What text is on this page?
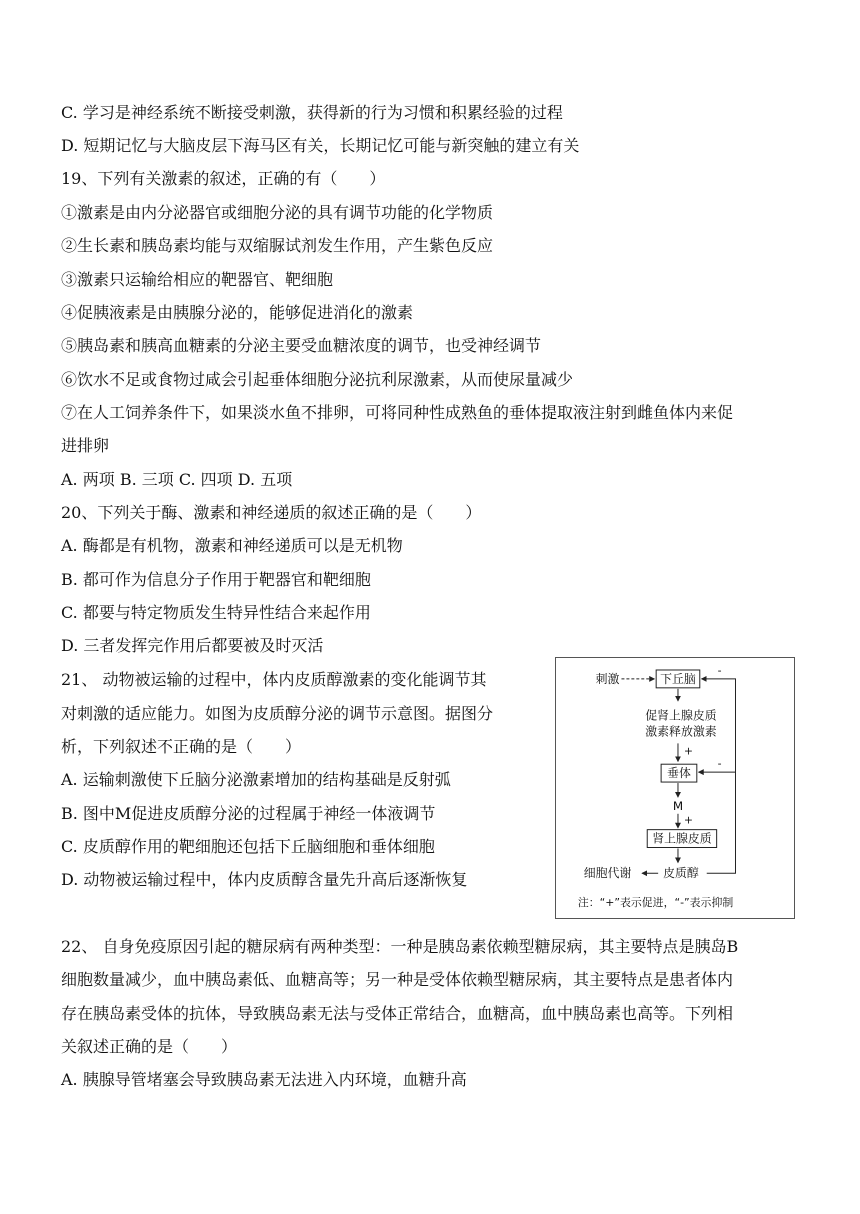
C. 学习是神经系统不断接受刺激，获得新的行为习惯和积累经验的过程
D. 短期记忆与大脑皮层下海马区有关，长期记忆可能与新突触的建立有关
19、下列有关激素的叙述，正确的有（　　）
①激素是由内分泌器官或细胞分泌的具有调节功能的化学物质
②生长素和胰岛素均能与双缩脲试剂发生作用，产生紫色反应
③激素只运输给相应的靶器官、靶细胞
④促胰液素是由胰腺分泌的，能够促进消化的激素
⑤胰岛素和胰高血糖素的分泌主要受血糖浓度的调节，也受神经调节
⑥饮水不足或食物过咸会引起垂体细胞分泌抗利尿激素，从而使尿量减少
⑦在人工饲养条件下，如果淡水鱼不排卵，可将同种性成熟鱼的垂体提取液注射到雌鱼体内来促
进排卵
A. 两项 B. 三项 C. 四项 D. 五项
20、下列关于酶、激素和神经递质的叙述正确的是（　　）
A. 酶都是有机物，激素和神经递质可以是无机物
B. 都可作为信息分子作用于靶器官和靶细胞
C. 都要与特定物质发生特异性结合来起作用
D. 三者发挥完作用后都要被及时灭活
21、 动物被运输的过程中，体内皮质醇激素的变化能调节其
对刺激的适应能力。如图为皮质醇分泌的调节示意图。据图分
析，下列叙述不正确的是（　　）
A. 运输刺激使下丘脑分泌激素增加的结构基础是反射弧
B. 图中M促进皮质醇分泌的过程属于神经一体液调节
C. 皮质醇作用的靶细胞还包括下丘脑细胞和垂体细胞
D. 动物被运输过程中，体内皮质醇含量先升高后逐渐恢复
22、 自身免疫原因引起的糖尿病有两种类型：一种是胰岛素依赖型糖尿病，其主要特点是胰岛B
细胞数量减少，血中胰岛素低、血糖高等；另一种是受体依赖型糖尿病，其主要特点是患者体内
存在胰岛素受体的抗体，导致胰岛素无法与受体正常结合，血糖高，血中胰岛素也高等。下列相
关叙述正确的是（　　）
A. 胰腺导管堵塞会导致胰岛素无法进入内环境，血糖升高
刺激	下丘脑
促肾上腺皮质
激素释放激素
+
垂体
M
+
肾上腺皮质
皮质醇
细胞代谢
-
-
注：“+”表示促进，“-”表示抑制
